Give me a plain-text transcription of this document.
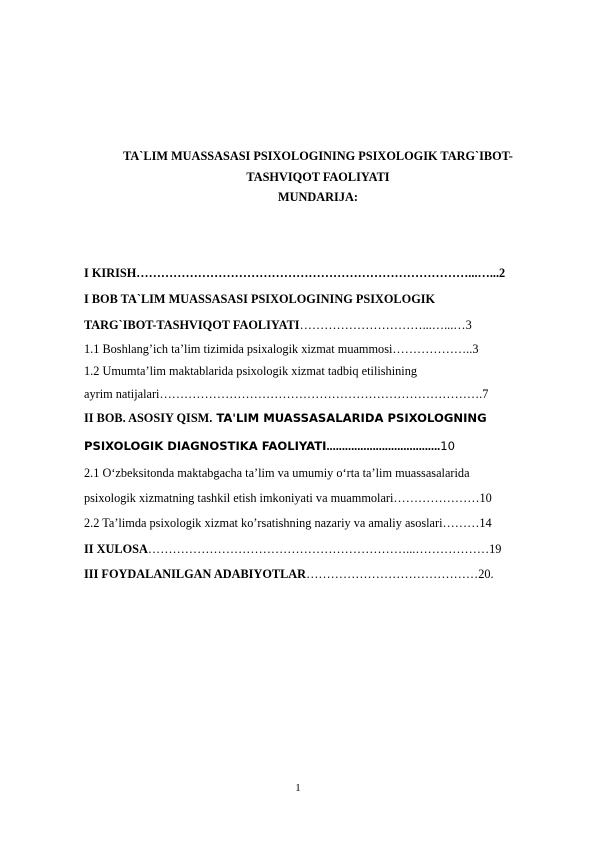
TA`LIM MUASSASASI PSIXOLOGINING PSIXOLOGIK TARG`IBOT-
TASHVIQOT FAOLIYATI
MUNDARIJA:
I KIRISH………………………………………………………………………...…...2
I BOB TA`LIM MUASSASASI PSIXOLOGINING PSIXOLOGIK
TARG`IBOT-TASHVIQOT FAOLIYATI…………………………...…...…3
1.1 Boshlang’ich ta’lim tizimida psixalogik xizmat muammosi………………..3
1.2 Umumta’lim maktablarida psixologik xizmat tadbiq etilishining
ayrim natijalari…………………………………………………………………….7
II BOB. ASOSIY QISM. TA'LIM MUASSASALARIDA PSIXOLOGNING
PSIXOLOGIK DIAGNOSTIKA FAOLIYATI.....................................10
2.1 O‘zbeksitonda maktabgacha ta’lim va umumiy o‘rta ta’lim muassasalarida
psixologik xizmatning tashkil etish imkoniyati va muammolari…………………10
2.2 Ta’limda psixologik xizmat ko’rsatishning nazariy va amaliy asoslari………14
II XULOSA………………………………………………………...………………19
III FOYDALANILGAN ADABIYOTLAR……………………………………20.
1
